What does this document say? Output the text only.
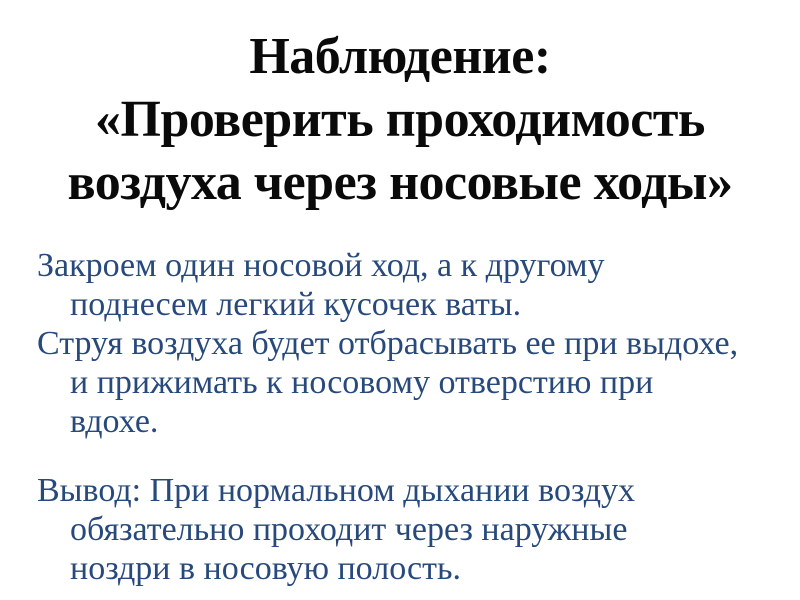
Наблюдение:
«Проверить проходимость
воздуха через носовые ходы»
Закроем один носовой ход, а к другому
поднесем легкий кусочек ваты.
Струя воздуха будет отбрасывать ее при выдохе,
и прижимать к носовому отверстию при
вдохе.
Вывод: При нормальном дыхании воздух
обязательно проходит через наружные
ноздри в носовую полость.
